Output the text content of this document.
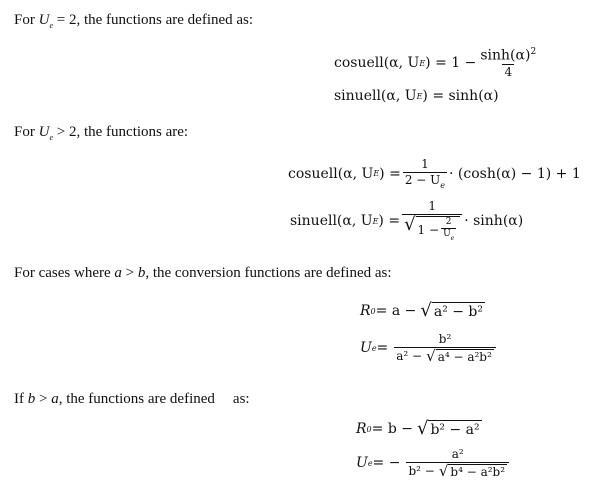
For $U_e = 2$, the functions are defined as:
cosuell(α, U E ) = $1 - \frac{\sinh(\alpha)^2}{4}$
sinuell(α, U E ) = sinh(α)
For $U_e > 2$, the functions are:
cosuell(α, U E ) = $\frac{1}{2 - U_e} \cdot (\cosh(\alpha) - 1) + 1$
sinuell(α, U E ) = $\frac{1}{√ 1 - \frac{2}{U_e}} \cdot \sinh(\alpha)$
For cases where a > b, the conversion functions are defined as:
R 0 = a − √ a² − b²
U $e = \frac{\text{b²}}{\text{a² − √ a⁴ − a²b²}}$
If b > a, the functions are defined as:
R 0 = b − √ b² − a²
U e = − $\frac{\text{a²}}{\text{b² − √ b⁴ − a²b²}}$
